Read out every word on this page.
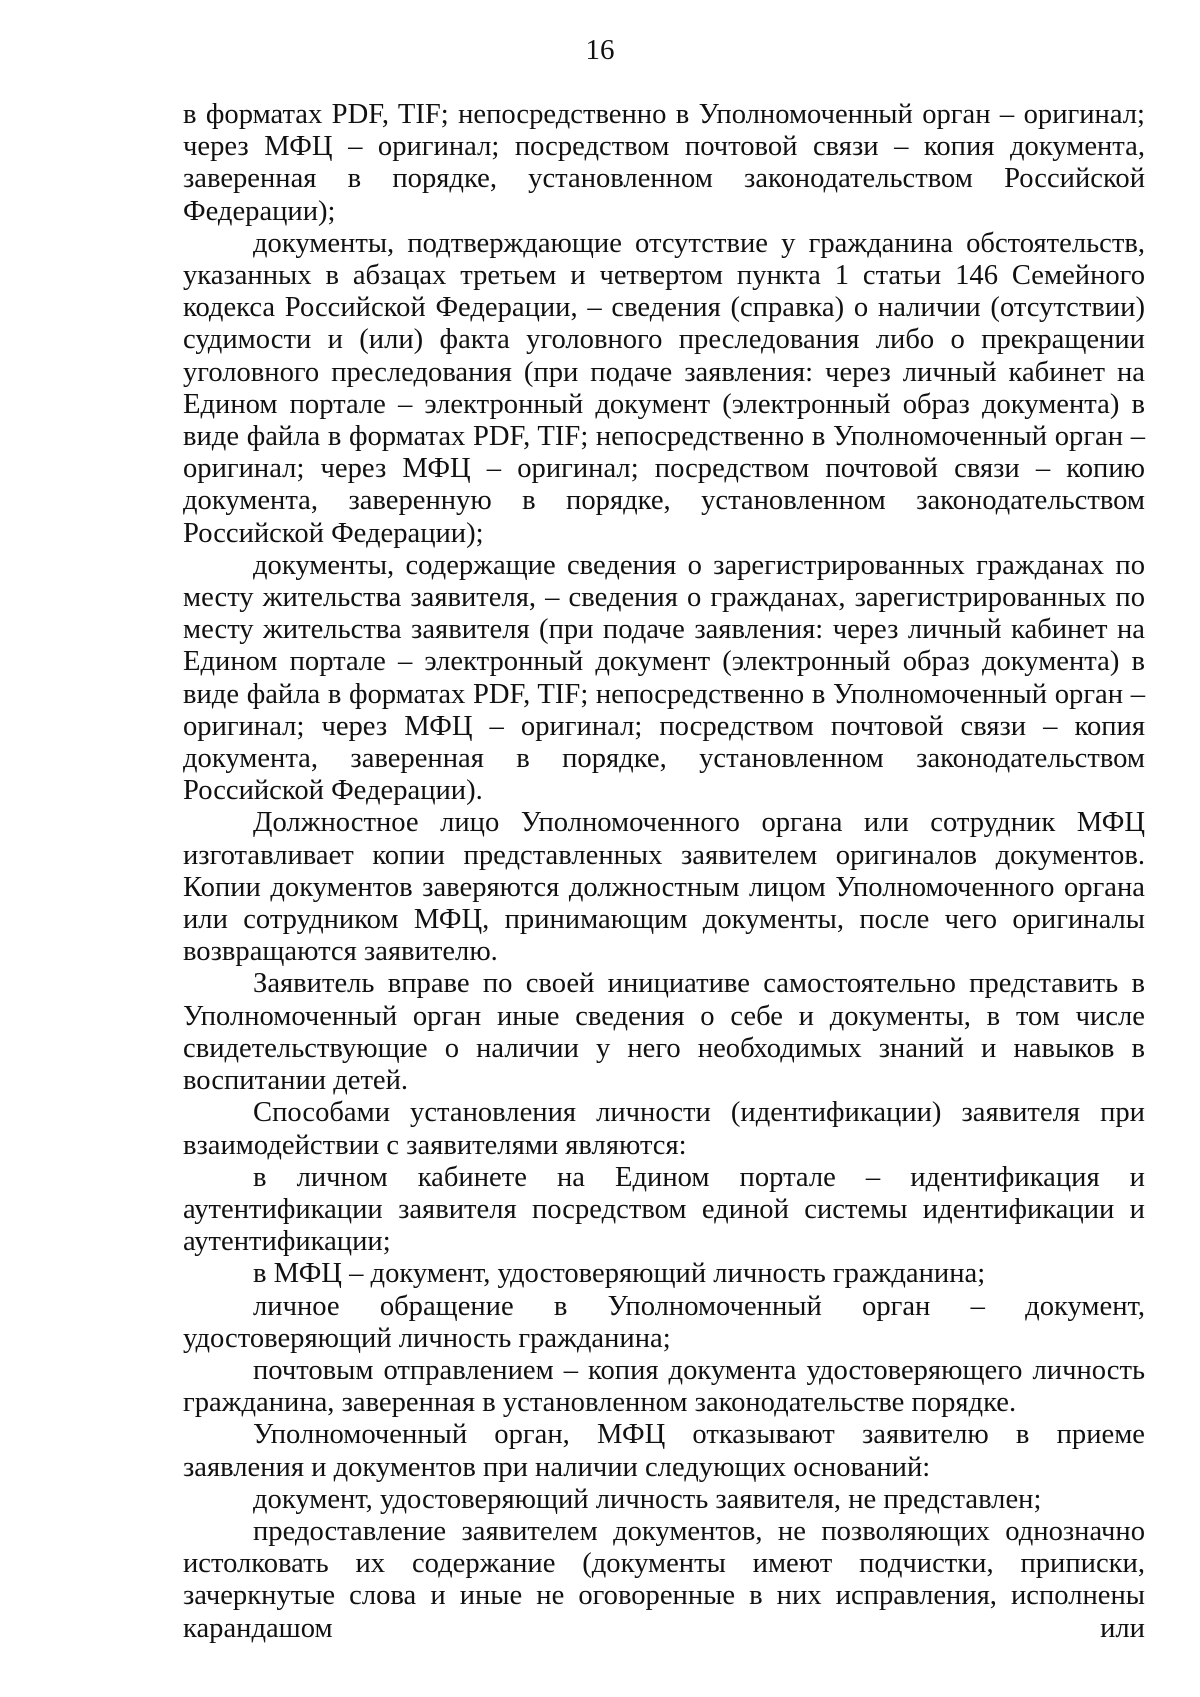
16

в форматах PDF, TIF; непосредственно в Уполномоченный орган – оригинал; через МФЦ – оригинал; посредством почтовой связи – копия документа, заверенная в порядке, установленном законодательством Российской Федерации);

документы, подтверждающие отсутствие у гражданина обстоятельств, указанных в абзацах третьем и четвертом пункта 1 статьи 146 Семейного кодекса Российской Федерации, – сведения (справка) о наличии (отсутствии) судимости и (или) факта уголовного преследования либо о прекращении уголовного преследования (при подаче заявления: через личный кабинет на Едином портале – электронный документ (электронный образ документа) в виде файла в форматах PDF, TIF; непосредственно в Уполномоченный орган – оригинал; через МФЦ – оригинал; посредством почтовой связи – копию документа, заверенную в порядке, установленном законодательством Российской Федерации);

документы, содержащие сведения о зарегистрированных гражданах по месту жительства заявителя, – сведения о гражданах, зарегистрированных по месту жительства заявителя (при подаче заявления: через личный кабинет на Едином портале – электронный документ (электронный образ документа) в виде файла в форматах PDF, TIF; непосредственно в Уполномоченный орган – оригинал; через МФЦ – оригинал; посредством почтовой связи – копия документа, заверенная в порядке, установленном законодательством Российской Федерации).

Должностное лицо Уполномоченного органа или сотрудник МФЦ изготавливает копии представленных заявителем оригиналов документов. Копии документов заверяются должностным лицом Уполномоченного органа или сотрудником МФЦ, принимающим документы, после чего оригиналы возвращаются заявителю.

Заявитель вправе по своей инициативе самостоятельно представить в Уполномоченный орган иные сведения о себе и документы, в том числе свидетельствующие о наличии у него необходимых знаний и навыков в воспитании детей.

Способами установления личности (идентификации) заявителя при взаимодействии с заявителями являются:

в личном кабинете на Едином портале – идентификация и аутентификации заявителя посредством единой системы идентификации и аутентификации;

в МФЦ – документ, удостоверяющий личность гражданина;

личное обращение в Уполномоченный орган – документ, удостоверяющий личность гражданина;

почтовым отправлением – копия документа удостоверяющего личность гражданина, заверенная в установленном законодательстве порядке.

Уполномоченный орган, МФЦ отказывают заявителю в приеме заявления и документов при наличии следующих оснований:

документ, удостоверяющий личность заявителя, не представлен;

предоставление заявителем документов, не позволяющих однозначно истолковать их содержание (документы имеют подчистки, приписки, зачеркнутые слова и иные не оговоренные в них исправления, исполнены карандашом или
